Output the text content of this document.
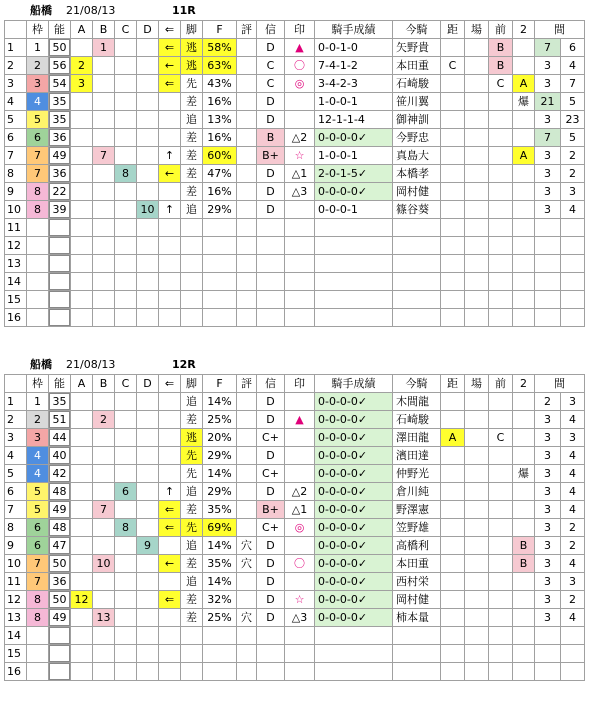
船橋 21/08/13	11R
	枠	能	A	B	C	D	⇐	脚	F	評	信	印	騎手成績	今騎	距	場	前	2	間	
1	1	50		1			⇐	逃	58%		D	▲	0-0-1-0	矢野貴			B		7	6
2	2	56	2				←	逃	63%		C	〇	7-4-1-2	本田重	C		B		3	4
3	3	54	3				⇐	先	43%		C	◎	3-4-2-3	石崎駿			C	A	3	7
4	4	35						差	16%		D		1-0-0-1	笹川翼				爆	21	5
5	5	35						追	13%		D		12-1-1-4	御神訓					3	23
6	6	36						差	16%		B	△2	0-0-0-0✓	今野忠					7	5
7	7	49		7			↑	差	60%		B+	☆	1-0-0-1	真島大				A	3	2
8	7	36			8		←	差	47%		D	△1	2-0-1-5✓	本橋孝					3	2
9	8	22						差	16%		D	△3	0-0-0-0✓	岡村健					3	3
10	8	39				10	↑	追	29%		D		0-0-0-1	篠谷葵					3	4
11		

12		

13		

14		

15		

16		

船橋 21/08/13	12R
	枠	能	A	B	C	D	⇐	脚	F	評	信	印	騎手成績	今騎	距	場	前	2	間	
1	1	35						追	14%		D		0-0-0-0✓	木間龍					2	3
2	2	51		2				差	25%		D	▲	0-0-0-0✓	石崎駿					3	4
3	3	44						逃	20%		C+		0-0-0-0✓	澤田龍	A		C		3	3
4	4	40						先	29%		D		0-0-0-0✓	濱田達					3	4
5	4	42						先	14%		C+		0-0-0-0✓	仲野光				爆	3	4
6	5	48			6		↑	追	29%		D	△2	0-0-0-0✓	倉川純					3	4
7	5	49		7			⇐	差	35%		B+	△1	0-0-0-0✓	野澤憲					3	4
8	6	48			8		⇐	先	69%		C+	◎	0-0-0-0✓	笠野雄					3	2
9	6	47				9		追	14%	穴	D		0-0-0-0✓	高橋利				B	3	2
10	7	50		10			←	差	35%	穴	D	〇	0-0-0-0✓	本田重				B	3	4
11	7	36						追	14%		D		0-0-0-0✓	西村栄					3	3
12	8	50	12				⇐	差	32%		D	☆	0-0-0-0✓	岡村健					3	2
13	8	49		13				差	25%	穴	D	△3	0-0-0-0✓	柿本量					3	4
14		

15		

16		
